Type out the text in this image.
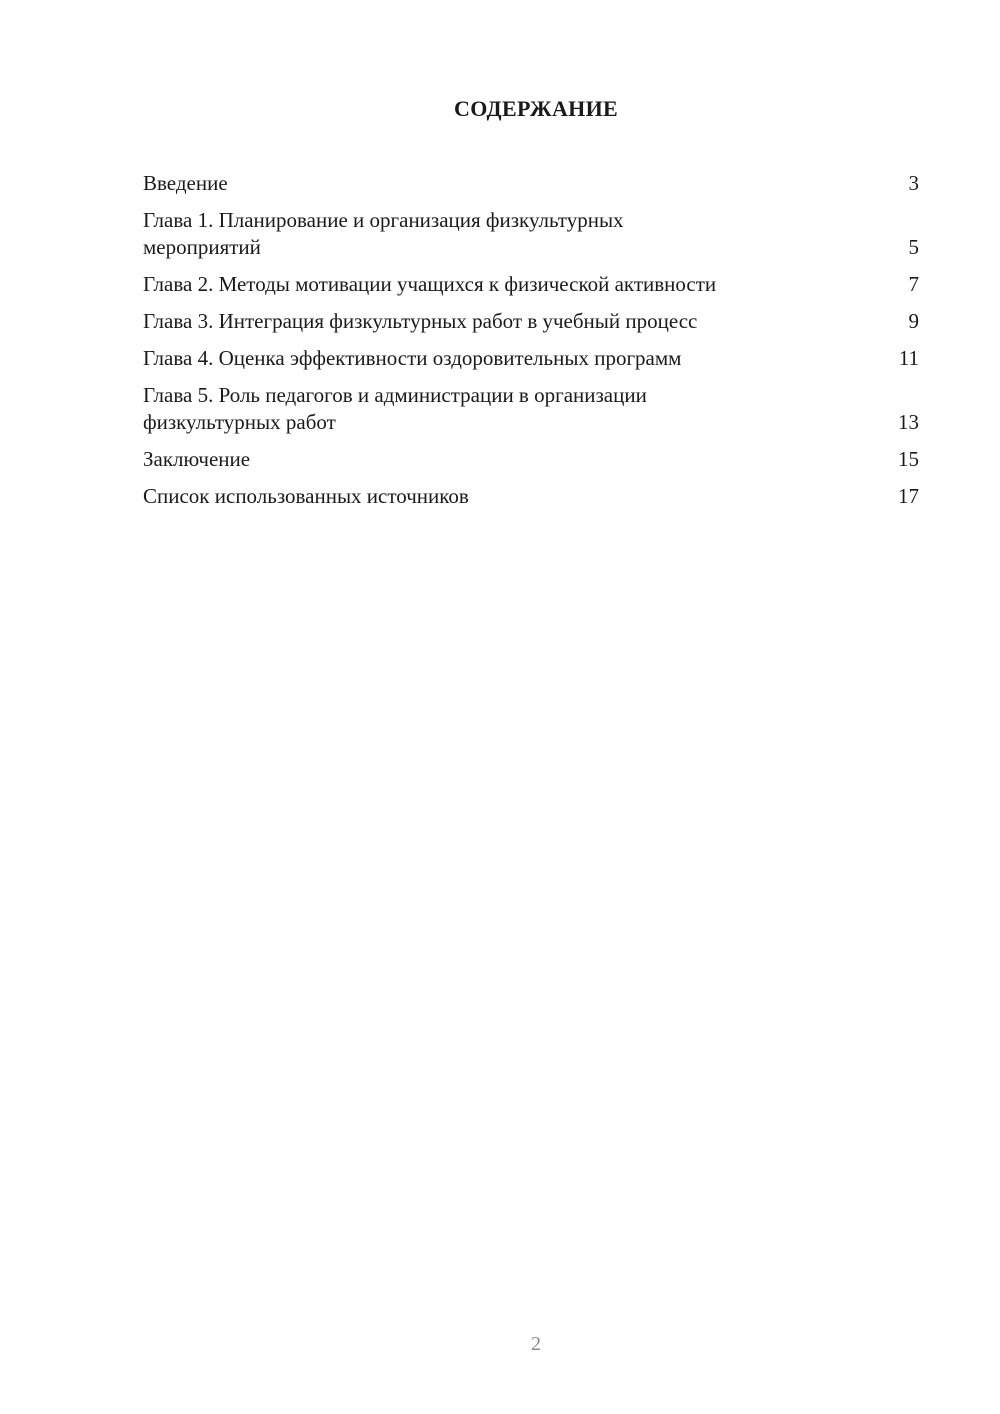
СОДЕРЖАНИЕ
Введение	3
Глава 1. Планирование и организация физкультурных мероприятий	5
Глава 2. Методы мотивации учащихся к физической активности	7
Глава 3. Интеграция физкультурных работ в учебный процесс	9
Глава 4. Оценка эффективности оздоровительных программ	11
Глава 5. Роль педагогов и администрации в организации физкультурных работ	13
Заключение	15
Список использованных источников	17
2
